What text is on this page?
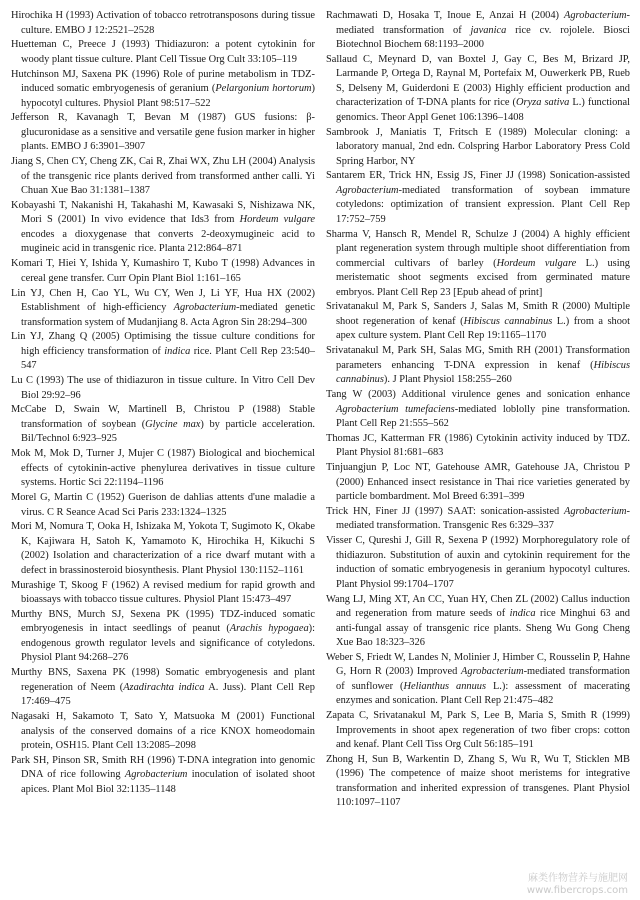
Hirochika H (1993) Activation of tobacco retrotransposons during tissue culture. EMBO J 12:2521–2528
Huetteman C, Preece J (1993) Thidiazuron: a potent cytokinin for woody plant tissue culture. Plant Cell Tissue Org Cult 33:105–119
Hutchinson MJ, Saxena PK (1996) Role of purine metabolism in TDZ-induced somatic embryogenesis of geranium (Pelargonium hortorum) hypocotyl cultures. Physiol Plant 98:517–522
Jefferson R, Kavanagh T, Bevan M (1987) GUS fusions: β-glucuronidase as a sensitive and versatile gene fusion marker in higher plants. EMBO J 6:3901–3907
Jiang S, Chen CY, Cheng ZK, Cai R, Zhai WX, Zhu LH (2004) Analysis of the transgenic rice plants derived from transformed anther calli. Yi Chuan Xue Bao 31:1381–1387
Kobayashi T, Nakanishi H, Takahashi M, Kawasaki S, Nishizawa NK, Mori S (2001) In vivo evidence that Ids3 from Hordeum vulgare encodes a dioxygenase that converts 2-deoxymugineic acid to mugineic acid in transgenic rice. Planta 212:864–871
Komari T, Hiei Y, Ishida Y, Kumashiro T, Kubo T (1998) Advances in cereal gene transfer. Curr Opin Plant Biol 1:161–165
Lin YJ, Chen H, Cao YL, Wu CY, Wen J, Li YF, Hua HX (2002) Establishment of high-efficiency Agrobacterium-mediated genetic transformation system of Mudanjiang 8. Acta Agron Sin 28:294–300
Lin YJ, Zhang Q (2005) Optimising the tissue culture conditions for high efficiency transformation of indica rice. Plant Cell Rep 23:540–547
Lu C (1993) The use of thidiazuron in tissue culture. In Vitro Cell Dev Biol 29:92–96
McCabe D, Swain W, Martinell B, Christou P (1988) Stable transformation of soybean (Glycine max) by particle acceleration. Bil/Technol 6:923–925
Mok M, Mok D, Turner J, Mujer C (1987) Biological and biochemical effects of cytokinin-active phenylurea derivatives in tissue culture systems. Hortic Sci 22:1194–1196
Morel G, Martin C (1952) Guerison de dahlias attents d'une maladie a virus. C R Seance Acad Sci Paris 233:1324–1325
Mori M, Nomura T, Ooka H, Ishizaka M, Yokota T, Sugimoto K, Okabe K, Kajiwara H, Satoh K, Yamamoto K, Hirochika H, Kikuchi S (2002) Isolation and characterization of a rice dwarf mutant with a defect in brassinosteroid biosynthesis. Plant Physiol 130:1152–1161
Murashige T, Skoog F (1962) A revised medium for rapid growth and bioassays with tobacco tissue cultures. Physiol Plant 15:473–497
Murthy BNS, Murch SJ, Sexena PK (1995) TDZ-induced somatic embryogenesis in intact seedlings of peanut (Arachis hypogaea): endogenous growth regulator levels and significance of cotyledons. Physiol Plant 94:268–276
Murthy BNS, Saxena PK (1998) Somatic embryogenesis and plant regeneration of Neem (Azadirachta indica A. Juss). Plant Cell Rep 17:469–475
Nagasaki H, Sakamoto T, Sato Y, Matsuoka M (2001) Functional analysis of the conserved domains of a rice KNOX homeodomain protein, OSH15. Plant Cell 13:2085–2098
Park SH, Pinson SR, Smith RH (1996) T-DNA integration into genomic DNA of rice following Agrobacterium inoculation of isolated shoot apices. Plant Mol Biol 32:1135–1148
Rachmawati D, Hosaka T, Inoue E, Anzai H (2004) Agrobacterium-mediated transformation of javanica rice cv. rojolele. Biosci Biotechnol Biochem 68:1193–2000
Sallaud C, Meynard D, van Boxtel J, Gay C, Bes M, Brizard JP, Larmande P, Ortega D, Raynal M, Portefaix M, Ouwerkerk PB, Rueb S, Delseny M, Guiderdoni E (2003) Highly efficient production and characterization of T-DNA plants for rice (Oryza sativa L.) functional genomics. Theor Appl Genet 106:1396–1408
Sambrook J, Maniatis T, Fritsch E (1989) Molecular cloning: a laboratory manual, 2nd edn. Colspring Harbor Laboratory Press Cold Spring Harbor, NY
Santarem ER, Trick HN, Essig JS, Finer JJ (1998) Sonication-assisted Agrobacterium-mediated transformation of soybean immature cotyledons: optimization of transient expression. Plant Cell Rep 17:752–759
Sharma V, Hansch R, Mendel R, Schulze J (2004) A highly efficient plant regeneration system through multiple shoot differentiation from commercial cultivars of barley (Hordeum vulgare L.) using meristematic shoot segments excised from germinated mature embryos. Plant Cell Rep 23 [Epub ahead of print]
Srivatanakul M, Park S, Sanders J, Salas M, Smith R (2000) Multiple shoot regeneration of kenaf (Hibiscus cannabinus L.) from a shoot apex culture system. Plant Cell Rep 19:1165–1170
Srivatanakul M, Park SH, Salas MG, Smith RH (2001) Transformation parameters enhancing T-DNA expression in kenaf (Hibiscus cannabinus). J Plant Physiol 158:255–260
Tang W (2003) Additional virulence genes and sonication enhance Agrobacterium tumefaciens-mediated loblolly pine transformation. Plant Cell Rep 21:555–562
Thomas JC, Katterman FR (1986) Cytokinin activity induced by TDZ. Plant Physiol 81:681–683
Tinjuangjun P, Loc NT, Gatehouse AMR, Gatehouse JA, Christou P (2000) Enhanced insect resistance in Thai rice varieties generated by particle bombardment. Mol Breed 6:391–399
Trick HN, Finer JJ (1997) SAAT: sonication-assisted Agrobacterium-mediated transformation. Transgenic Res 6:329–337
Visser C, Qureshi J, Gill R, Sexena P (1992) Morphoregulatory role of thidiazuron. Substitution of auxin and cytokinin requirement for the induction of somatic embryogenesis in geranium hypocotyl cultures. Plant Physiol 99:1704–1707
Wang LJ, Ming XT, An CC, Yuan HY, Chen ZL (2002) Callus induction and regeneration from mature seeds of indica rice Minghui 63 and anti-fungal assay of transgenic rice plants. Sheng Wu Gong Cheng Xue Bao 18:323–326
Weber S, Friedt W, Landes N, Molinier J, Himber C, Rousselin P, Hahne G, Horn R (2003) Improved Agrobacterium-mediated transformation of sunflower (Helianthus annuus L.): assessment of macerating enzymes and sonication. Plant Cell Rep 21:475–482
Zapata C, Srivatanakul M, Park S, Lee B, Maria S, Smith R (1999) Improvements in shoot apex regeneration of two fiber crops: cotton and kenaf. Plant Cell Tiss Org Cult 56:185–191
Zhong H, Sun B, Warkentin D, Zhang S, Wu R, Wu T, Sticklen MB (1996) The competence of maize shoot meristems for integrative transformation and inherited expression of transgenes. Plant Physiol 110:1097–1107
麻类作物营养与施肥网
www.fibercrops.com
